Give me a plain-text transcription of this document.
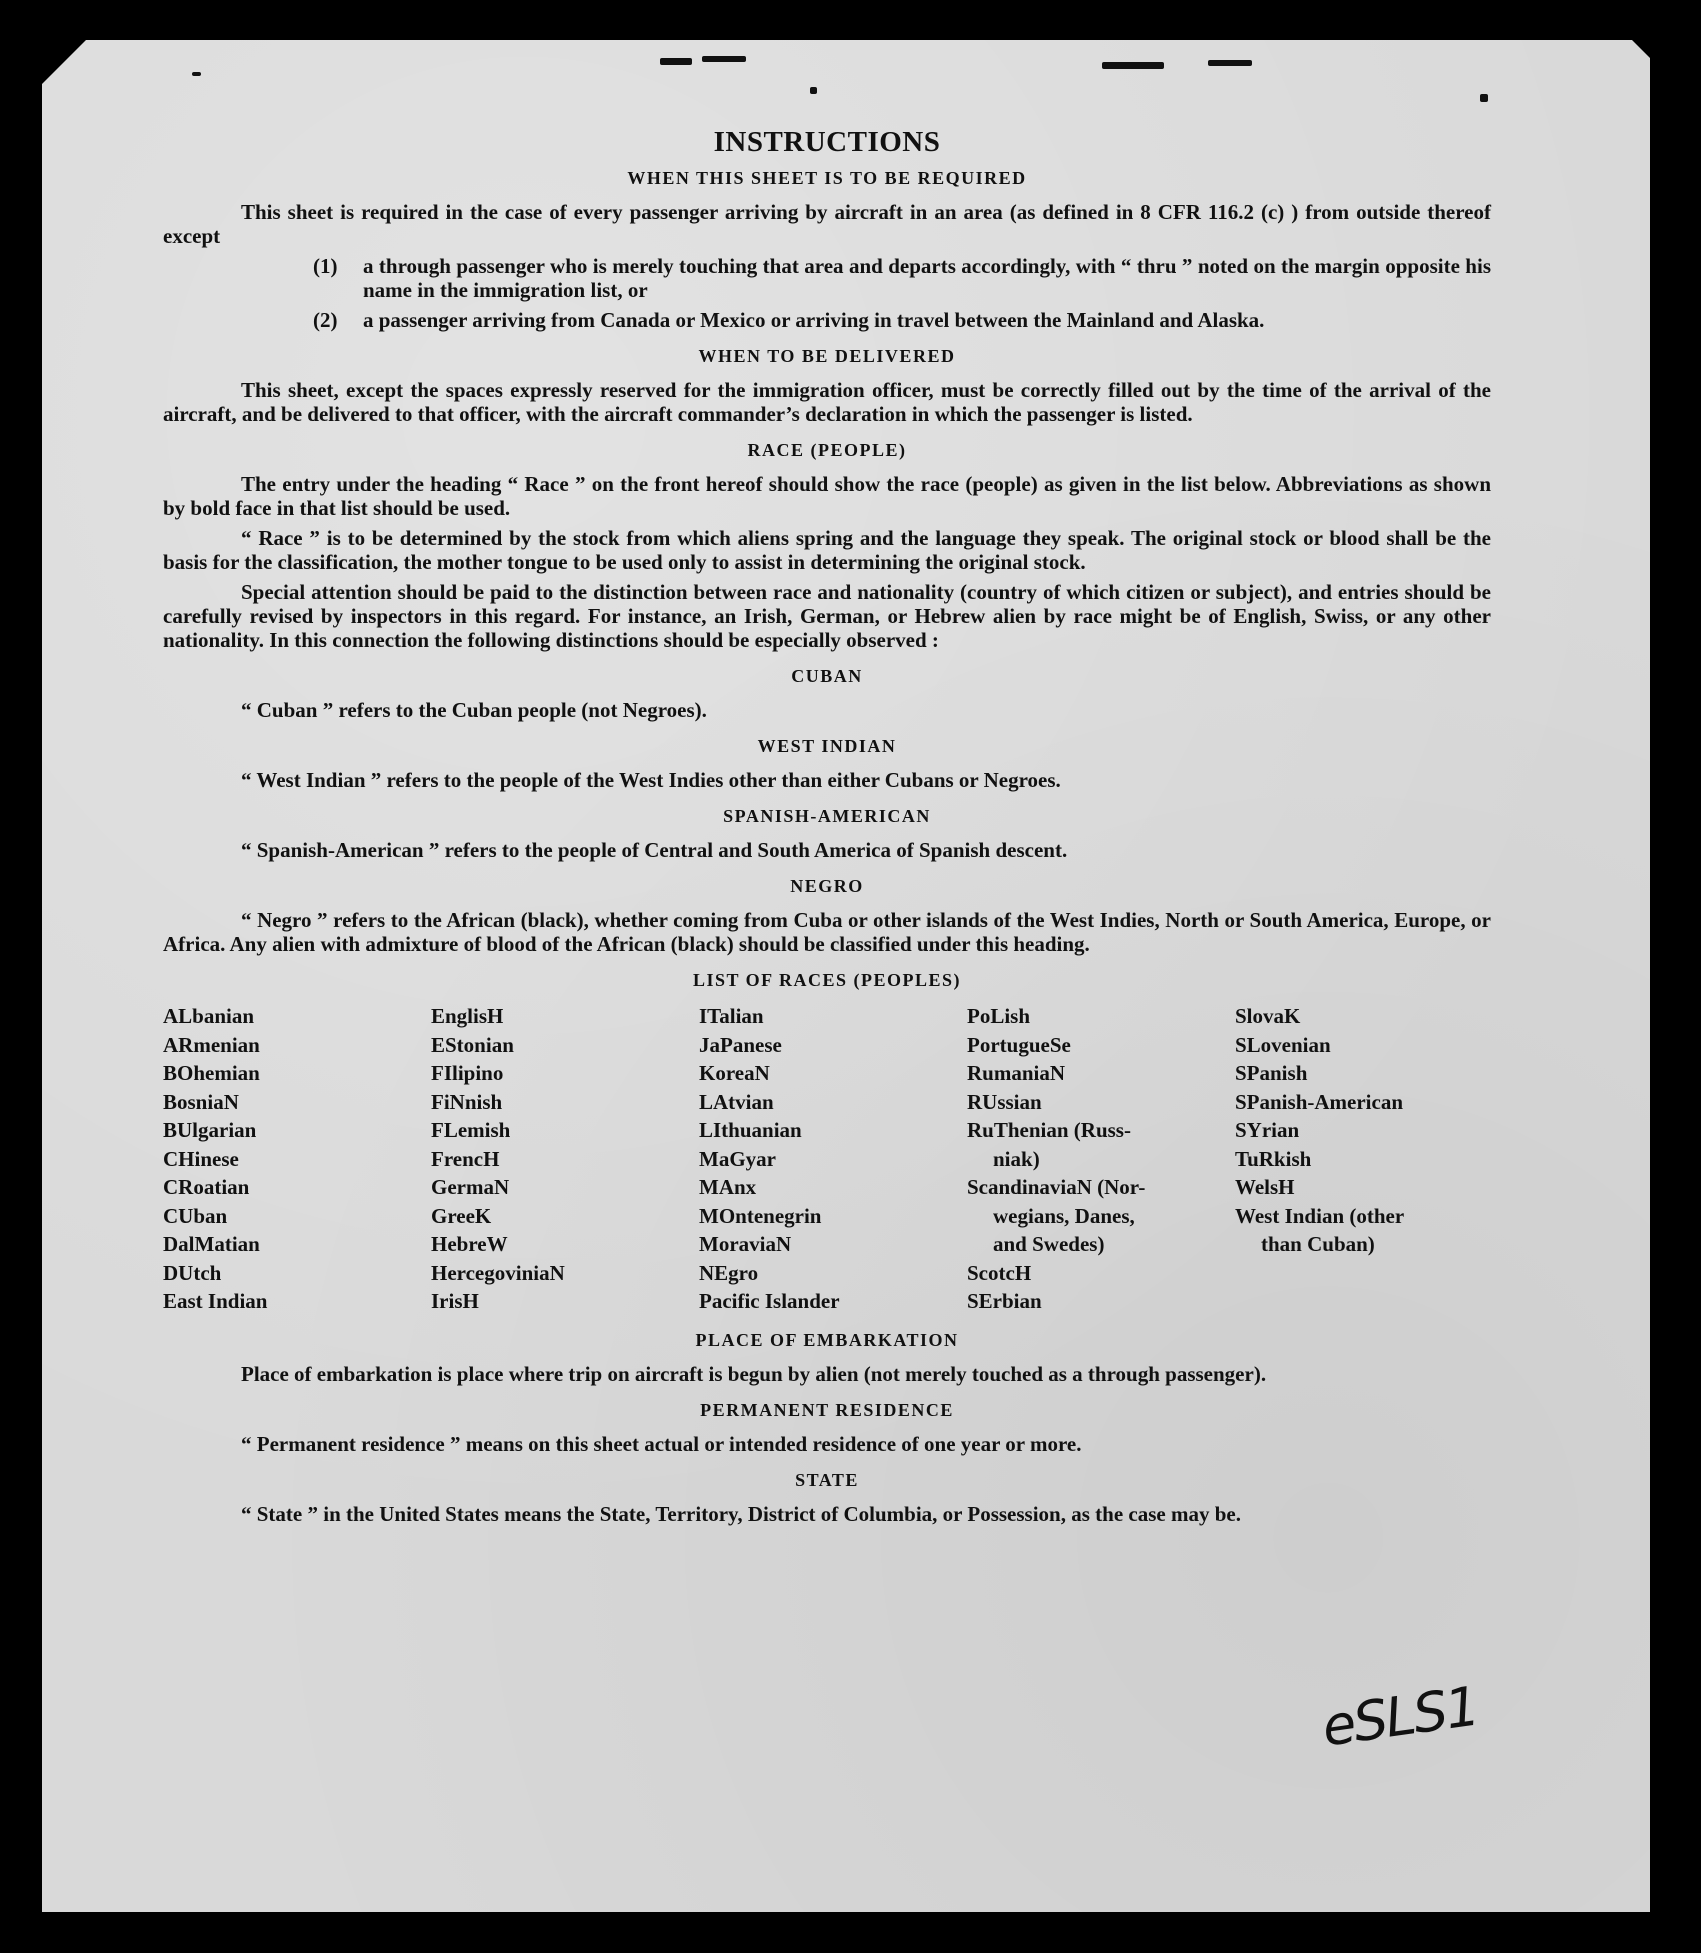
INSTRUCTIONS
WHEN THIS SHEET IS TO BE REQUIRED

This sheet is required in the case of every passenger arriving by aircraft in an area (as defined in 8 CFR 116.2 (c) ) from outside thereof except

(1)	a through passenger who is merely touching that area and departs accordingly, with “ thru ” noted on the margin opposite his name in the immigration list, or
(2)	a passenger arriving from Canada or Mexico or arriving in travel between the Mainland and Alaska.
WHEN TO BE DELIVERED

This sheet, except the spaces expressly reserved for the immigration officer, must be correctly filled out by the time of the arrival of the aircraft, and be delivered to that officer, with the aircraft commander’s declaration in which the passenger is listed.

RACE (PEOPLE)

The entry under the heading “ Race ” on the front hereof should show the race (people) as given in the list below. Abbreviations as shown by bold face in that list should be used.

“ Race ” is to be determined by the stock from which aliens spring and the language they speak. The original stock or blood shall be the basis for the classification, the mother tongue to be used only to assist in determining the original stock.

Special attention should be paid to the distinction between race and nationality (country of which citizen or subject), and entries should be carefully revised by inspectors in this regard. For instance, an Irish, German, or Hebrew alien by race might be of English, Swiss, or any other nationality. In this connection the following distinctions should be especially observed :

CUBAN

“ Cuban ” refers to the Cuban people (not Negroes).

WEST INDIAN

“ West Indian ” refers to the people of the West Indies other than either Cubans or Negroes.

SPANISH-AMERICAN

“ Spanish-American ” refers to the people of Central and South America of Spanish descent.

NEGRO

“ Negro ” refers to the African (black), whether coming from Cuba or other islands of the West Indies, North or South America, Europe, or Africa. Any alien with admixture of blood of the African (black) should be classified under this heading.

LIST OF RACES (PEOPLES)
ALbanian
ARmenian
BOhemian
BosniaN
BUlgarian
CHinese
CRoatian
CUban
DalMatian
DUtch
East Indian
EnglisH
EStonian
FIlipino
FiNnish
FLemish
FrencH
GermaN
GreeK
HebreW
HercegoviniaN
IrisH
ITalian
JaPanese
KoreaN
LAtvian
LIthuanian
MaGyar
MAnx
MOntenegrin
MoraviaN
NEgro
Pacific Islander
PoLish
PortugueSe
RumaniaN
RUssian
RuThenian (Russ-
niak)
ScandinaviaN (Nor-
wegians, Danes,
and Swedes)
ScotcH
SErbian
SlovaK
SLovenian
SPanish
SPanish-American
SYrian
TuRkish
WelsH
West Indian (other
than Cuban)
PLACE OF EMBARKATION

Place of embarkation is place where trip on aircraft is begun by alien (not merely touched as a through passenger).

PERMANENT RESIDENCE

“ Permanent residence ” means on this sheet actual or intended residence of one year or more.

STATE

“ State ” in the United States means the State, Territory, District of Columbia, or Possession, as the case may be.

eSLS1
